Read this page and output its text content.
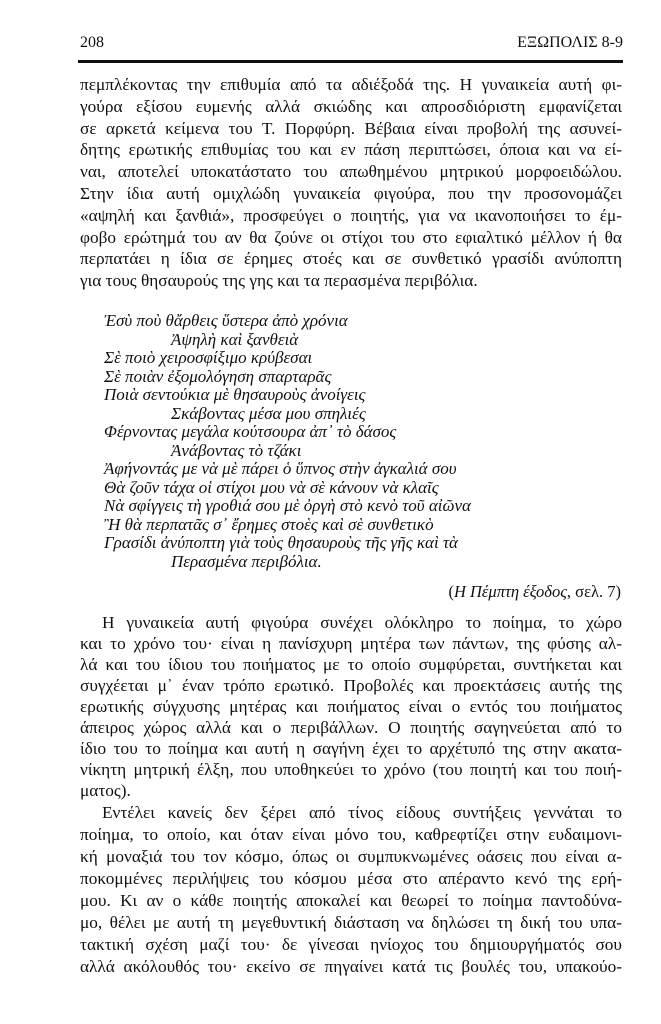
208	ΕΞΩΠΟΛΙΣ 8-9
πεμπλέκοντας την επιθυμία από τα αδιέξοδά της. Η γυναικεία αυτή φι-
γούρα εξίσου ευμενής αλλά σκιώδης και απροσδιόριστη εμφανίζεται
σε αρκετά κείμενα του Τ. Πορφύρη. Βέβαια είναι προβολή της ασυνεί-
δητης ερωτικής επιθυμίας του και εν πάση περιπτώσει, όποια και να εί-
ναι, αποτελεί υποκατάστατο του απωθημένου μητρικού μορφοειδώλου.
Στην ίδια αυτή ομιχλώδη γυναικεία φιγούρα, που την προσονομάζει
«αψηλή και ξανθιά», προσφεύγει ο ποιητής, για να ικανοποιήσει το έμ-
φοβο ερώτημά του αν θα ζούνε οι στίχοι του στο εφιαλτικό μέλλον ή θα
περπατάει η ίδια σε έρημες στοές και σε συνθετικό γρασίδι ανύποπτη
για τους θησαυρούς της γης και τα περασμένα περιβόλια.
Ἐσὺ ποὺ θἄρθεις ὕστερα ἀπὸ χρόνια
Ἀψηλὴ καὶ ξανθειὰ
Σὲ ποιὸ χειροσφίξιμο κρύβεσαι
Σὲ ποιὰν ἐξομολόγηση σπαρταρᾶς
Ποιὰ σεντούκια μὲ θησαυροὺς ἀνοίγεις
Σκάβοντας μέσα μου σπηλιές
Φέρνοντας μεγάλα κούτσουρα ἀπ᾽ τὸ δάσος
Ἀνάβοντας τὸ τζάκι
Ἀφήνοντάς με νὰ μὲ πάρει ὁ ὕπνος στὴν ἀγκαλιά σου
Θὰ ζοῦν τάχα οἱ στίχοι μου νὰ σὲ κάνουν νὰ κλαῖς
Νὰ σφίγγεις τὴ γροθιά σου μὲ ὀργὴ στὸ κενὸ τοῦ αἰῶνα
Ἢ θὰ περπατᾶς σ᾽ ἔρημες στοὲς καὶ σὲ συνθετικὸ
Γρασίδι ἀνύποπτη γιὰ τοὺς θησαυροὺς τῆς γῆς καὶ τὰ
Περασμένα περιβόλια.
(Η Πέμπτη έξοδος, σελ. 7)
Η γυναικεία αυτή φιγούρα συνέχει ολόκληρο το ποίημα, το χώρο
και το χρόνο του· είναι η πανίσχυρη μητέρα των πάντων, της φύσης αλ-
λά και του ίδιου του ποιήματος με το οποίο συμφύρεται, συντήκεται και
συγχέεται μ᾽ έναν τρόπο ερωτικό. Προβολές και προεκτάσεις αυτής της
ερωτικής σύγχυσης μητέρας και ποιήματος είναι ο εντός του ποιήματος
άπειρος χώρος αλλά και ο περιβάλλων. Ο ποιητής σαγηνεύεται από το
ίδιο του το ποίημα και αυτή η σαγήνη έχει το αρχέτυπό της στην ακατα-
νίκητη μητρική έλξη, που υποθηκεύει το χρόνο (του ποιητή και του ποιή-
ματος).
Εντέλει κανείς δεν ξέρει από τίνος είδους συντήξεις γεννάται το
ποίημα, το οποίο, και όταν είναι μόνο του, καθρεφτίζει στην ευδαιμονι-
κή μοναξιά του τον κόσμο, όπως οι συμπυκνωμένες οάσεις που είναι α-
ποκομμένες περιλήψεις του κόσμου μέσα στο απέραντο κενό της ερή-
μου. Κι αν ο κάθε ποιητής αποκαλεί και θεωρεί το ποίημα παντοδύνα-
μο, θέλει με αυτή τη μεγεθυντική διάσταση να δηλώσει τη δική του υπα-
τακτική σχέση μαζί του· δε γίνεσαι ηνίοχος του δημιουργήματός σου
αλλά ακόλουθός του· εκείνο σε πηγαίνει κατά τις βουλές του, υπακούο-
